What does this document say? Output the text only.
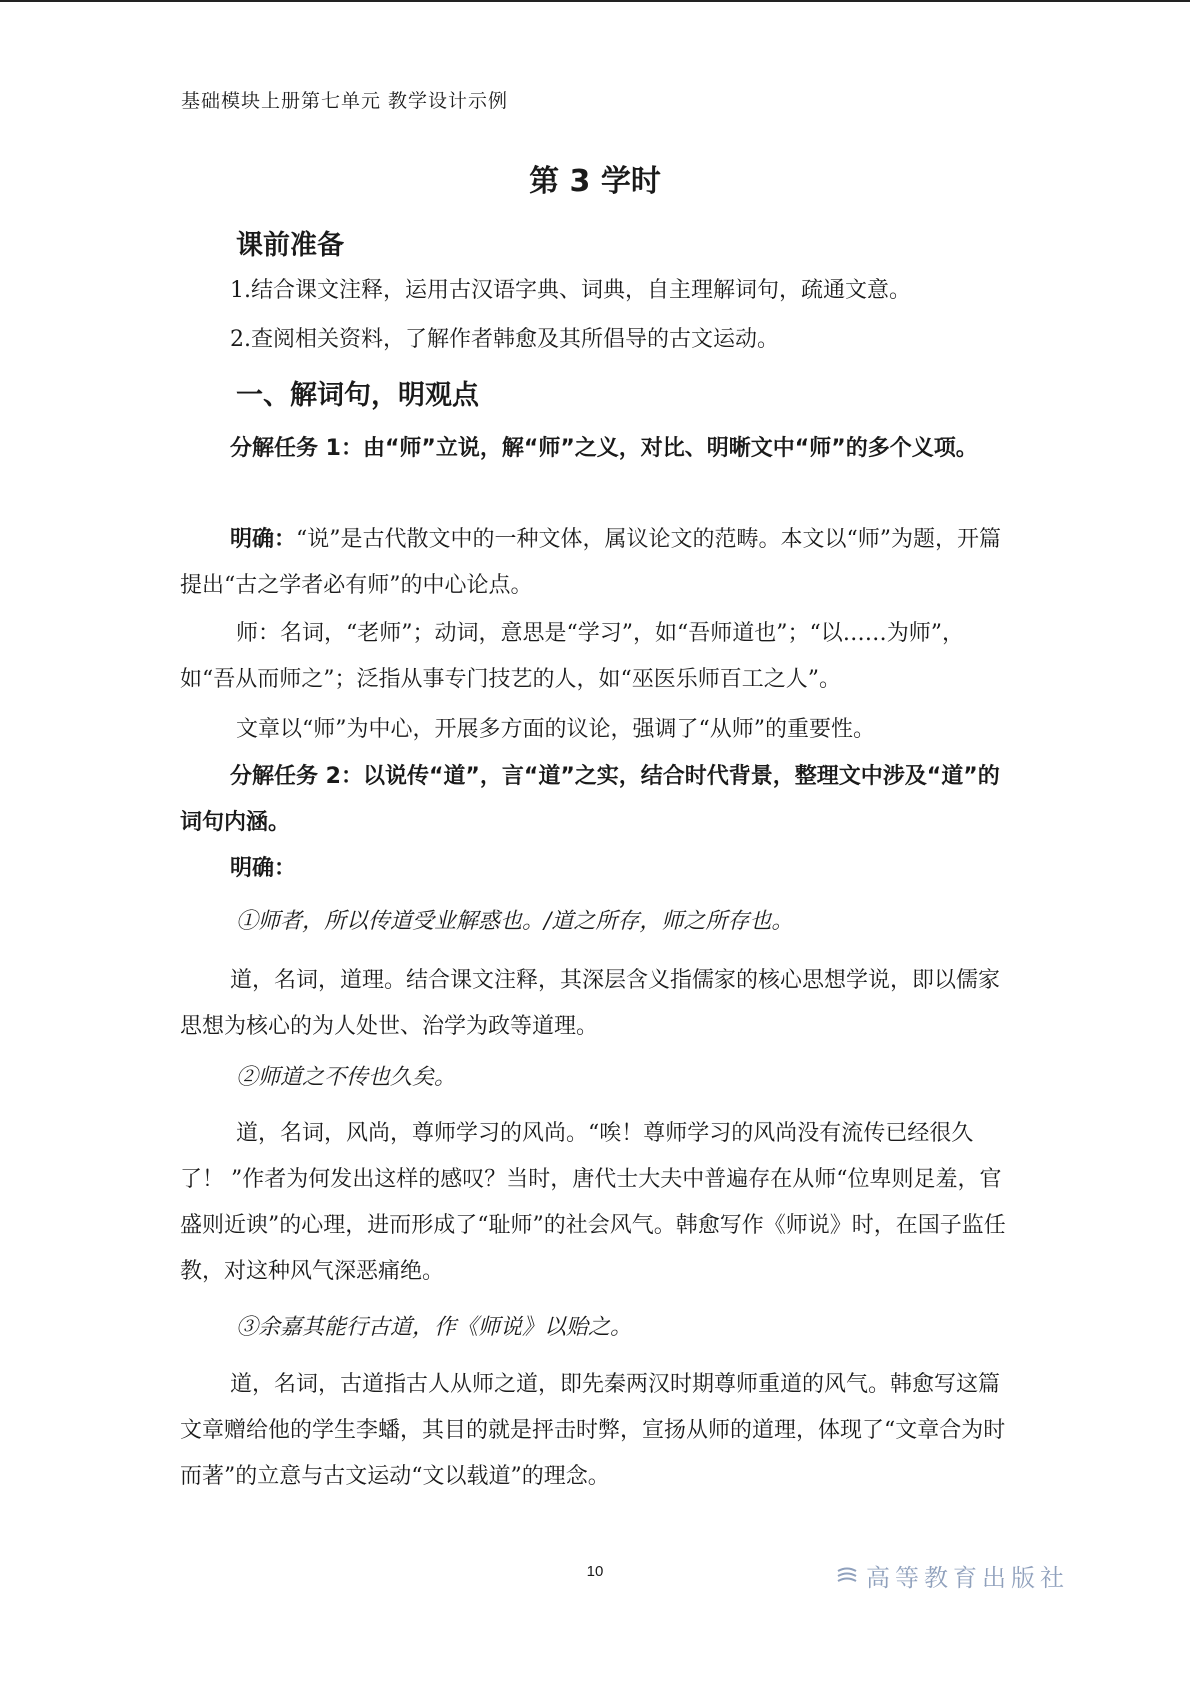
基础模块上册第七单元 教学设计示例
第 3 学时
课前准备
1.结合课文注释，运用古汉语字典、词典，自主理解词句，疏通文意。
2.查阅相关资料，了解作者韩愈及其所倡导的古文运动。
一、解词句，明观点
分解任务 1：由“师”立说，解“师”之义，对比、明晰文中“师”的多个义项。
明确：“说”是古代散文中的一种文体，属议论文的范畴。本文以“师”为题，开篇提出“古之学者必有师”的中心论点。
师：名词，“老师”；动词，意思是“学习”，如“吾师道也”；“以……为师”，如“吾从而师之”；泛指从事专门技艺的人，如“巫医乐师百工之人”。
文章以“师”为中心，开展多方面的议论，强调了“从师”的重要性。
分解任务 2：以说传“道”，言“道”之实，结合时代背景，整理文中涉及“道”的词句内涵。
明确：
①师者，所以传道受业解惑也。/道之所存，师之所存也。
道，名词，道理。结合课文注释，其深层含义指儒家的核心思想学说，即以儒家思想为核心的为人处世、治学为政等道理。
②师道之不传也久矣。
道，名词，风尚，尊师学习的风尚。“唉！尊师学习的风尚没有流传已经很久了！ ”作者为何发出这样的感叹？当时，唐代士大夫中普遍存在从师“位卑则足羞，官盛则近谀”的心理，进而形成了“耻师”的社会风气。韩愈写作《师说》时，在国子监任教，对这种风气深恶痛绝。
③余嘉其能行古道，作《师说》以贻之。
道，名词，古道指古人从师之道，即先秦两汉时期尊师重道的风气。韩愈写这篇文章赠给他的学生李蟠，其目的就是抨击时弊，宣扬从师的道理，体现了“文章合为时而著”的立意与古文运动“文以载道”的理念。
10	高等教育出版社
